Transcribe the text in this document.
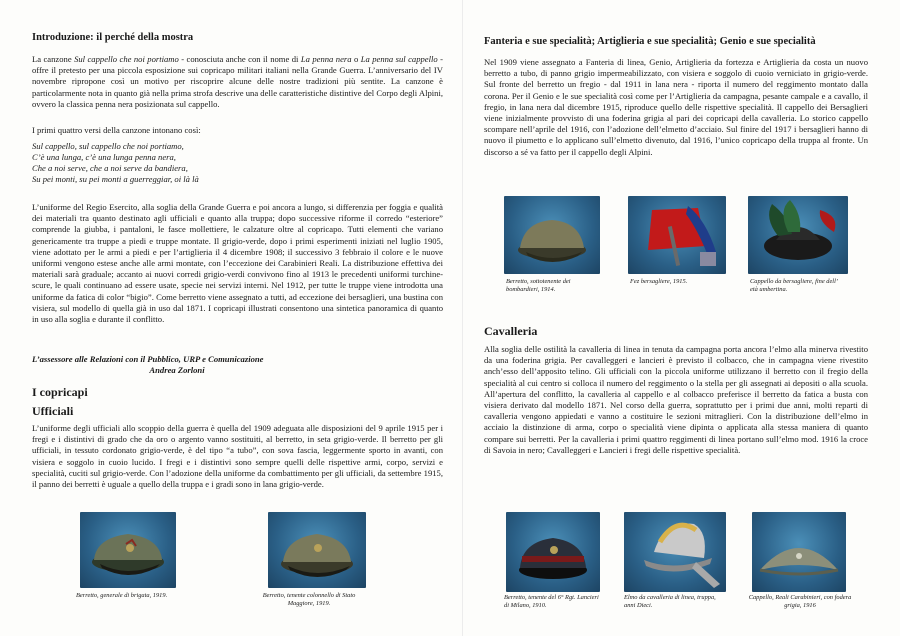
Introduzione: il perché della mostra

La canzone Sul cappello che noi portiamo - conosciuta anche con il nome di La penna nera o La penna sul cappello - offre il pretesto per una piccola esposizione sui copricapo militari italiani nella Grande Guerra. L’anniversario del IV novembre ripropone così un motivo per riscoprire alcune delle nostre tradizioni più sentite. La canzone è particolarmente nota in quanto già nella prima strofa descrive una delle caratteristiche distintive del Corpo degli Alpini, ovvero la classica penna nera posizionata sul cappello.

I primi quattro versi della canzone intonano così:
Sul cappello, sul cappello che noi portiamo,
C’è una lunga, c’è una lunga penna nera,
Che a noi serve, che a noi serve da bandiera,
Su pei monti, su pei monti a guerreggiar, oi là là

L’uniforme del Regio Esercito, alla soglia della Grande Guerra e poi ancora a lungo, si differenzia per foggia e qualità dei materiali tra quanto destinato agli ufficiali e quanto alla truppa; dopo successive riforme il corredo “esteriore” comprende la giubba, i pantaloni, le fasce mollettiere, le calzature oltre al copricapo. Tutti elementi che variano genericamente tra truppe a piedi e truppe montate. Il grigio-verde, dopo i primi esperimenti iniziati nel luglio 1905, viene adottato per le armi a piedi e per l’artiglieria il 4 dicembre 1908; il successivo 3 febbraio il colore e le nuove uniformi vengono estese anche alle armi montate, con l’eccezione dei Carabinieri Reali. La distribuzione effettiva dei materiali sarà graduale; accanto ai nuovi corredi grigio-verdi convivono fino al 1913 le precedenti uniformi turchine-scure, le quali continuano ad essere usate, specie nei servizi interni. Nel 1912, per tutte le truppe viene introdotta una uniforme da fatica di color “bigio”. Come berretto viene assegnato a tutti, ad eccezione dei bersaglieri, una bustina con visiera, sul modello di quella già in uso dal 1871. I copricapi illustrati consentono una sintetica panoramica di quanto in uso alla soglia e durante il conflitto.

L’assessore alle Relazioni con il Pubblico, URP e Comunicazione
Andrea Zorloni
I copricapi
Ufficiali

L’uniforme degli ufficiali allo scoppio della guerra è quella del 1909 adeguata alle disposizioni del 9 aprile 1915 per i fregi e i distintivi di grado che da oro o argento vanno sostituiti, al berretto, in seta grigio-verde. Il berretto per gli ufficiali, in tessuto cordonato grigio-verde, è del tipo “a tubo”, con sova fascia, leggermente sporto in avanti, con visiera e soggolo in cuoio lucido. I fregi e i distintivi sono sempre quelli delle rispettive armi, corpo, servizi e specialità, cuciti sul grigio-verde. Con l’adozione della uniforme da combattimento per gli ufficiali, da settembre 1915, il panno dei berretti è uguale a quello della truppa e i gradi sono in lana grigio-verde.

Berretto, generale di brigata, 1919.	Berretto, tenente colonnello di Stato Maggiore, 1919.
Fanteria e sue specialità; Artiglieria e sue specialità; Genio e sue specialità

Nel 1909 viene assegnato a Fanteria di linea, Genio, Artiglieria da fortezza e Artiglieria da costa un nuovo berretto a tubo, di panno grigio impermeabilizzato, con visiera e soggolo di cuoio verniciato in grigio-verde. Sul fronte del berretto un fregio - dal 1911 in lana nera - riporta il numero del reggimento montato dalla corona. Per il Genio e le sue specialità così come per l’Artiglieria da campagna, pesante campale e a cavallo, il fregio, in lana nera dal dicembre 1915, riproduce quello delle rispettive specialità. Il cappello dei Bersaglieri viene inizialmente provvisto di una foderina grigia al pari dei copricapi della cavalleria. Lo storico cappello scompare nell’aprile del 1916, con l’adozione dell’elmetto d’acciaio. Sul finire del 1917 i bersaglieri hanno di nuovo il piumetto e lo applicano sull’elmetto divenuto, dal 1916, l’unico copricapo della truppa al fronte. Un discorso a sé va fatto per il cappello degli Alpini.

Berretto, sottotenente dei bombardieri, 1914.
Fez bersagliere, 1915.	Cappello da bersagliere, fine dell’ età umbertina.
Cavalleria

Alla soglia delle ostilità la cavalleria di linea in tenuta da campagna porta ancora l’elmo alla minerva rivestito da una foderina grigia. Per cavalleggeri e lancieri è previsto il colbacco, che in campagna viene rivestito anch’esso dell’apposito telino. Gli ufficiali con la piccola uniforme utilizzano il berretto con il fregio della specialità al cui centro si colloca il numero del reggimento o la stella per gli assegnati ai depositi o alla scuola. All’apertura del conflitto, la cavalleria al cappello e al colbacco preferisce il berretto da fatica a busta con visiera derivato dal modello 1871. Nel corso della guerra, soprattutto per i primi due anni, molti reparti di cavalleria vengono appiedati e vanno a costituire le sezioni mitraglieri. Con la distribuzione dell’elmo in acciaio la distinzione di arma, corpo o specialità viene dipinta o applicata alla stessa maniera di quanto compare sui berretti. Per la cavalleria i primi quattro reggimenti di linea portano sull’elmo mod. 1916 la croce di Savoia in nero; Cavalleggeri e Lancieri i fregi delle rispettive specialità.

Berretto, tenente del 6° Rgt. Lancieri di Milano, 1910.
Elmo da cavalleria di linea, truppa, anni Dieci.
Cappello, Reali Carabinieri, con fodera grigia, 1916
